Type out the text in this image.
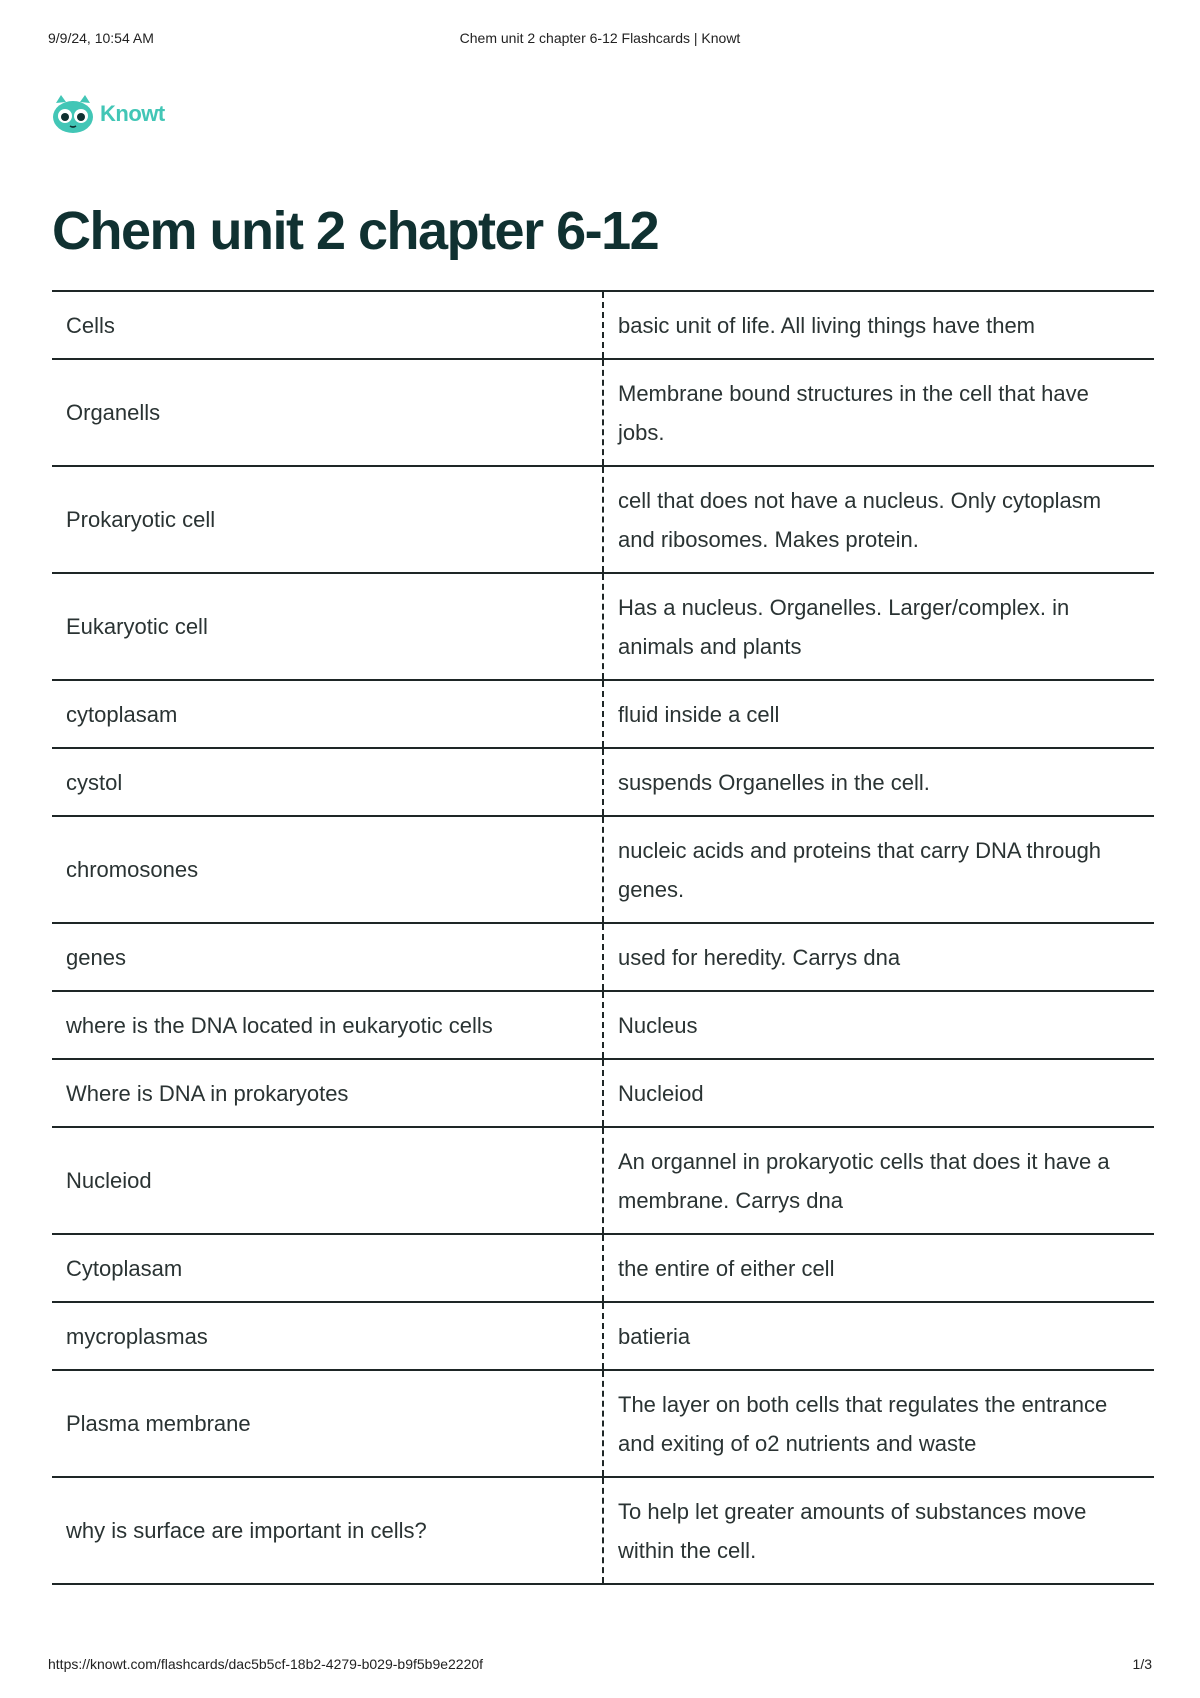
9/9/24, 10:54 AM	Chem unit 2 chapter 6-12 Flashcards | Knowt
Knowt
Chem unit 2 chapter 6-12
Cells	basic unit of life. All living things have them
Organells	Membrane bound structures in the cell that have jobs.
Prokaryotic cell	cell that does not have a nucleus. Only cytoplasm and ribosomes. Makes protein.
Eukaryotic cell	Has a nucleus. Organelles. Larger/complex. in animals and plants
cytoplasam	fluid inside a cell
cystol	suspends Organelles in the cell.
chromosones	nucleic acids and proteins that carry DNA through genes.
genes	used for heredity. Carrys dna
where is the DNA located in eukaryotic cells	Nucleus
Where is DNA in prokaryotes	Nucleiod
Nucleiod	An organnel in prokaryotic cells that does it have a membrane. Carrys dna
Cytoplasam	the entire of either cell
mycroplasmas	batieria
Plasma membrane	The layer on both cells that regulates the entrance and exiting of o2 nutrients and waste
why is surface are important in cells?	To help let greater amounts of substances move within the cell.
https://knowt.com/flashcards/dac5b5cf-18b2-4279-b029-b9f5b9e2220f	1/3
